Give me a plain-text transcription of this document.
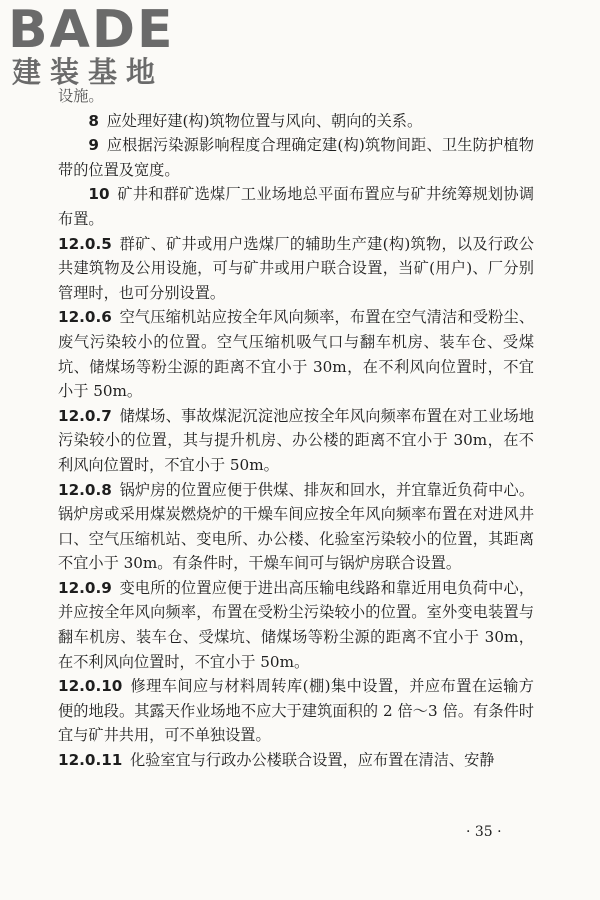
BADE
建装基地

设施。

8 应处理好建(构)筑物位置与风向、朝向的关系。

9 应根据污染源影响程度合理确定建(构)筑物间距、卫生防护植物带的位置及宽度。

10 矿井和群矿选煤厂工业场地总平面布置应与矿井统筹规划协调布置。

12.0.5 群矿、矿井或用户选煤厂的辅助生产建(构)筑物，以及行政公共建筑物及公用设施，可与矿井或用户联合设置，当矿(用户)、厂分别管理时，也可分别设置。

12.0.6 空气压缩机站应按全年风向频率，布置在空气清洁和受粉尘、废气污染较小的位置。空气压缩机吸气口与翻车机房、装车仓、受煤坑、储煤场等粉尘源的距离不宜小于 30m，在不利风向位置时，不宜小于 50m。

12.0.7 储煤场、事故煤泥沉淀池应按全年风向频率布置在对工业场地污染较小的位置，其与提升机房、办公楼的距离不宜小于 30m，在不利风向位置时，不宜小于 50m。

12.0.8 锅炉房的位置应便于供煤、排灰和回水，并宜靠近负荷中心。锅炉房或采用煤炭燃烧炉的干燥车间应按全年风向频率布置在对进风井口、空气压缩机站、变电所、办公楼、化验室污染较小的位置，其距离不宜小于 30m。有条件时，干燥车间可与锅炉房联合设置。

12.0.9 变电所的位置应便于进出高压输电线路和靠近用电负荷中心，并应按全年风向频率，布置在受粉尘污染较小的位置。室外变电装置与翻车机房、装车仓、受煤坑、储煤场等粉尘源的距离不宜小于 30m，在不利风向位置时，不宜小于 50m。

12.0.10 修理车间应与材料周转库(棚)集中设置，并应布置在运输方便的地段。其露天作业场地不应大于建筑面积的 2 倍～3 倍。有条件时宜与矿井共用，可不单独设置。

12.0.11 化验室宜与行政办公楼联合设置，应布置在清洁、安静

· 35 ·
